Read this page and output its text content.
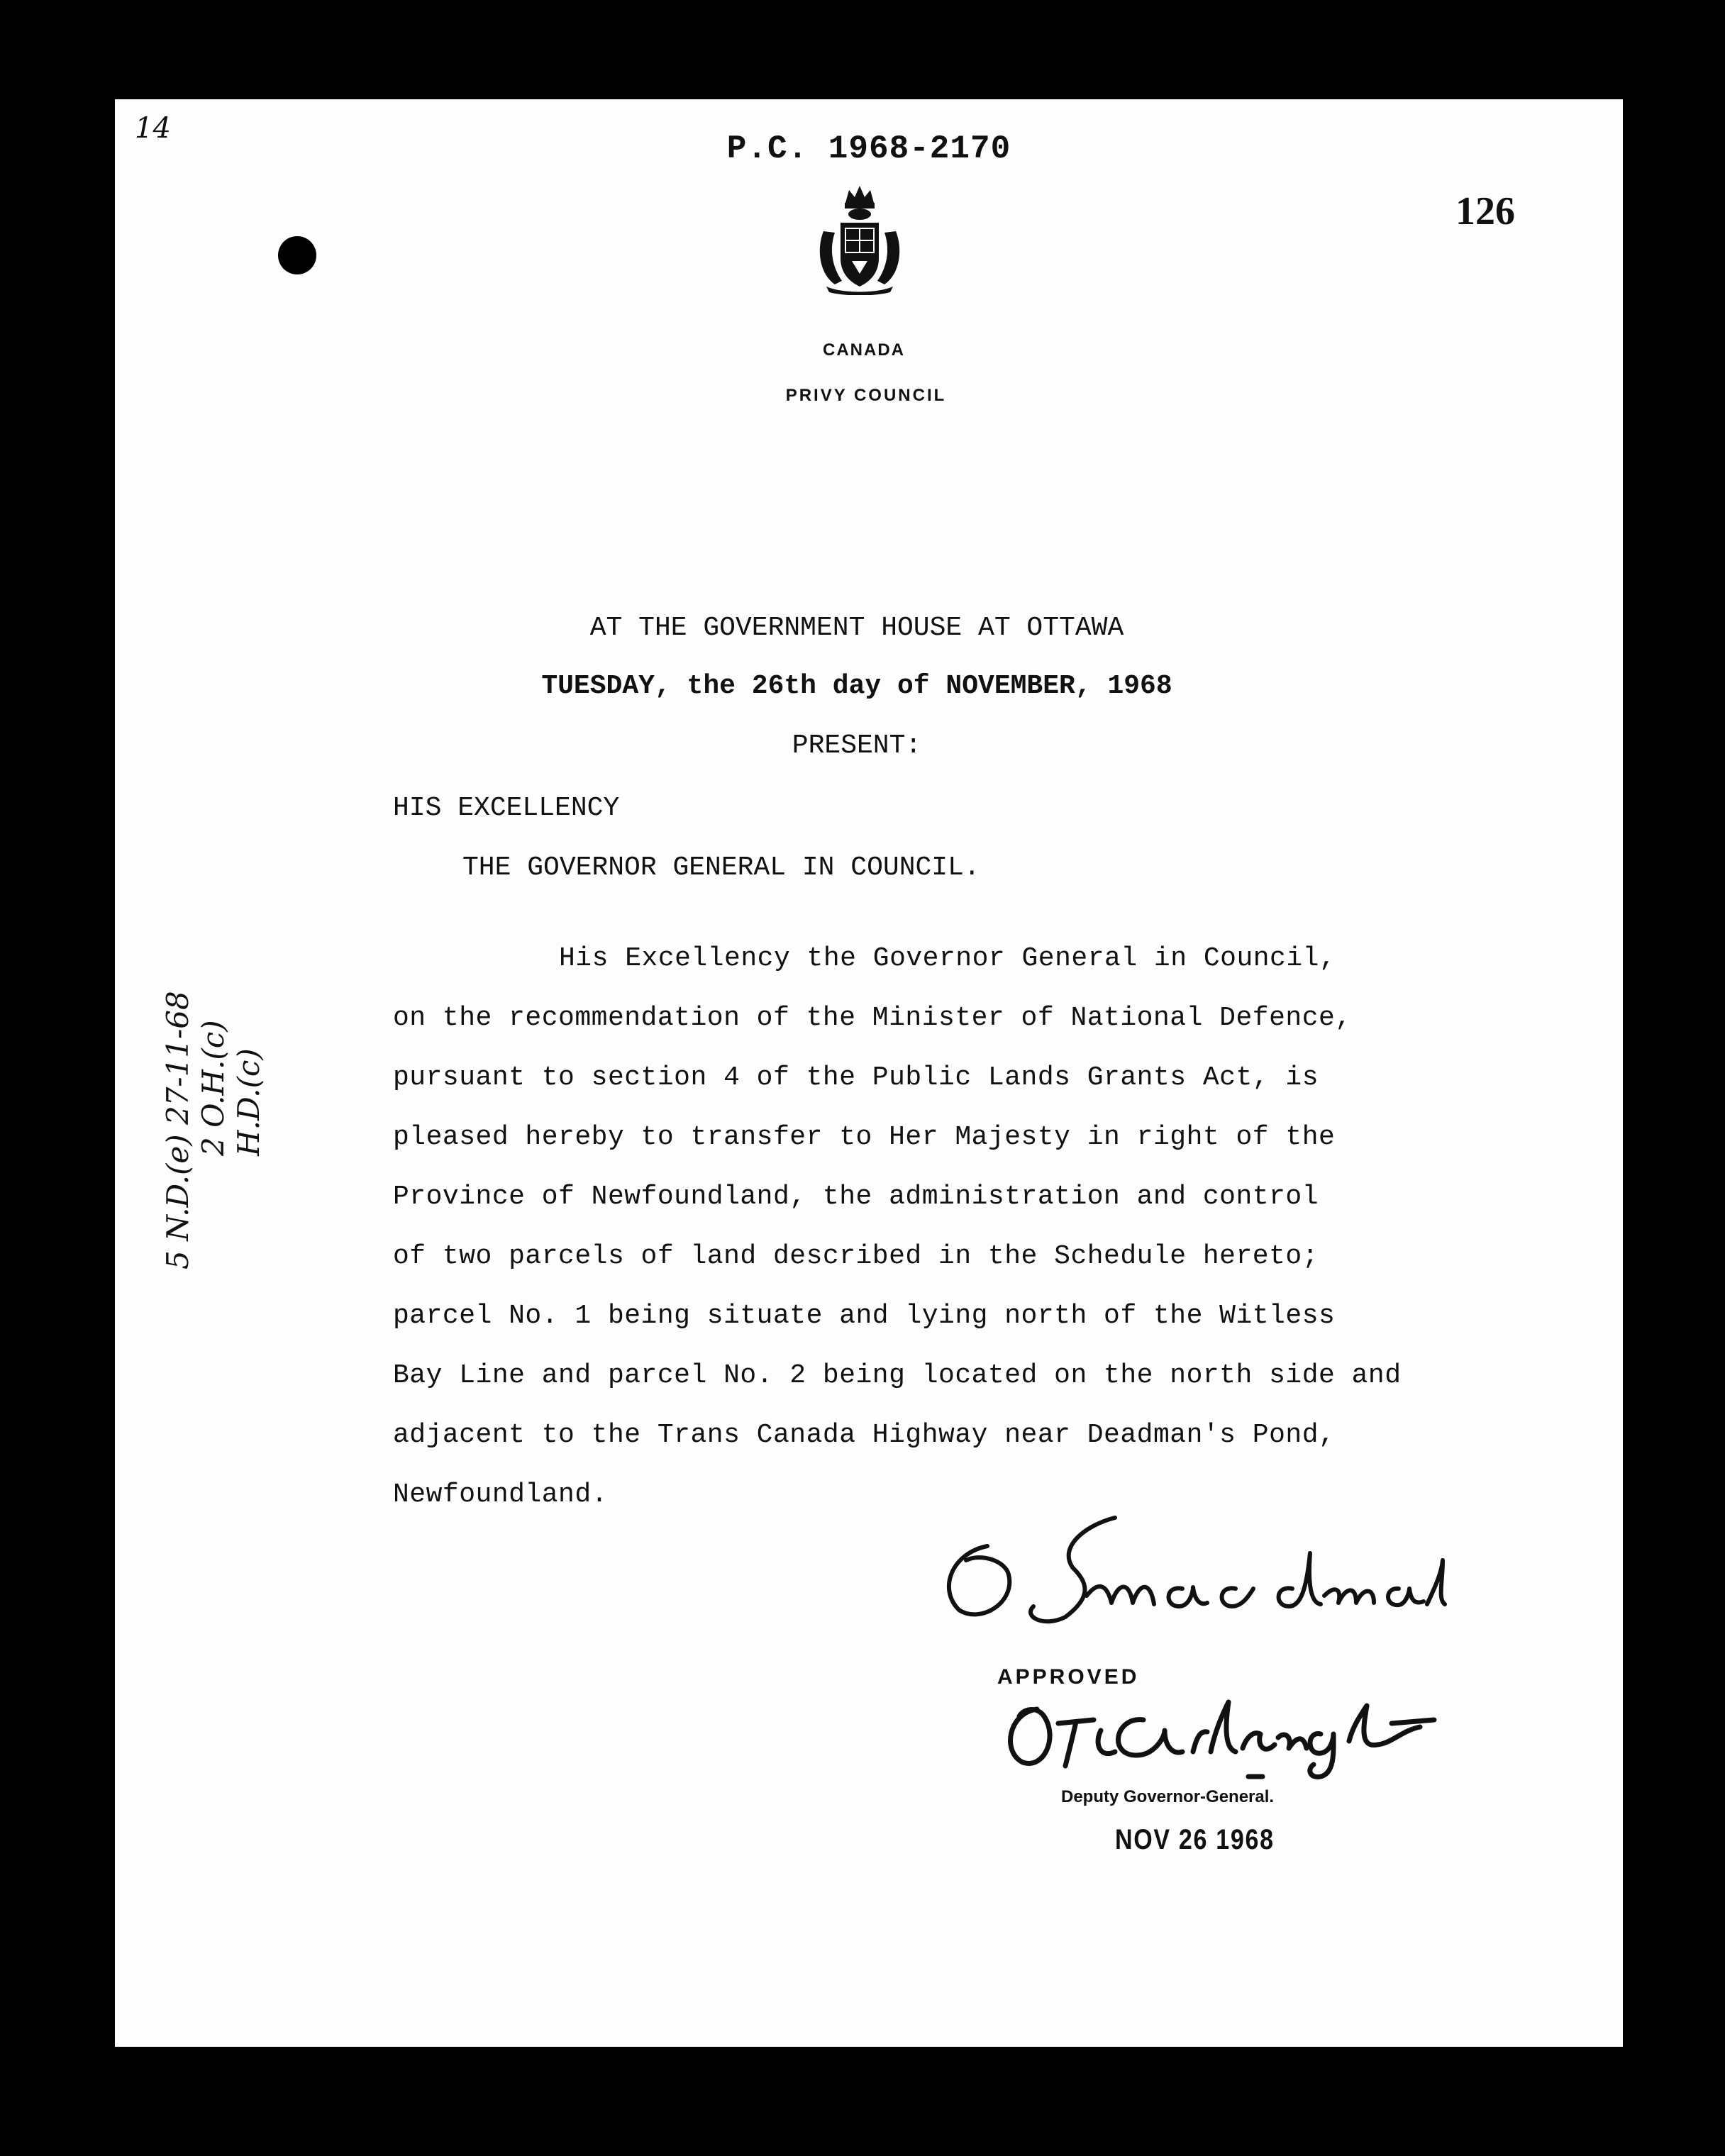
14
P.C. 1968-2170
126
CANADA
PRIVY COUNCIL
AT THE GOVERNMENT HOUSE AT OTTAWA
TUESDAY, the 26th day of NOVEMBER, 1968
PRESENT:
HIS EXCELLENCY
THE GOVERNOR GENERAL IN COUNCIL.
His Excellency the Governor General in Council,
on the recommendation of the Minister of National Defence,
pursuant to section 4 of the Public Lands Grants Act, is
pleased hereby to transfer to Her Majesty in right of the
Province of Newfoundland, the administration and control
of two parcels of land described in the Schedule hereto;
parcel No. 1 being situate and lying north of the Witless
Bay Line and parcel No. 2 being located on the north side and
adjacent to the Trans Canada Highway near Deadman's Pond,
Newfoundland.
5 N.D.(e) 27-11-68 2 O.H.(c) H.D.(c)
APPROVED
Deputy Governor-General.
NOV 26 1968
